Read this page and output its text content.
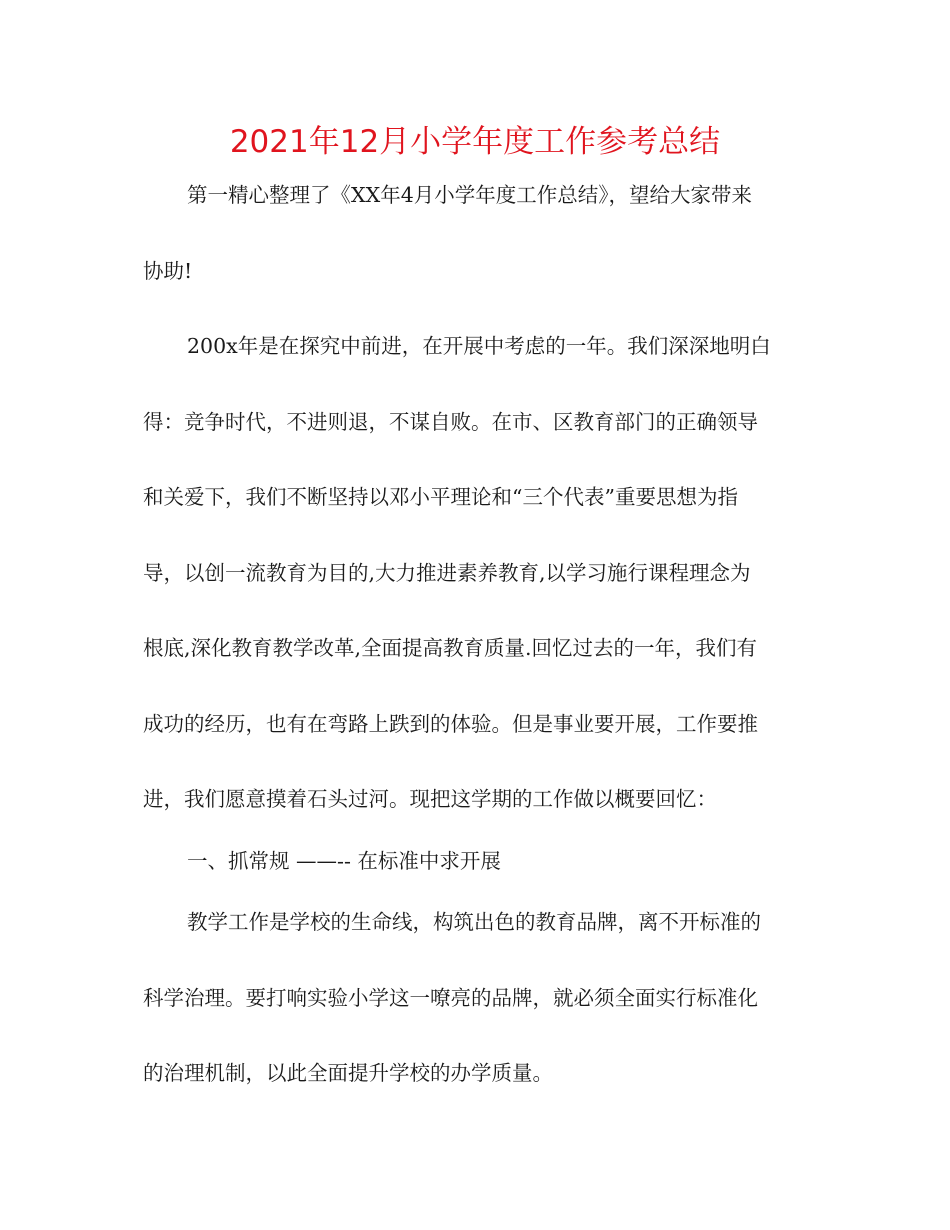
2021年12月小学年度工作参考总结
第一精心整理了《XX年4月小学年度工作总结》，望给大家带来
协助!
200x年是在探究中前进，在开展中考虑的一年。我们深深地明白
得：竞争时代，不进则退，不谋自败。在市、区教育部门的正确领导
和关爱下，我们不断坚持以邓小平理论和“三个代表”重要思想为指
导，以创一流教育为目的,大力推进素养教育,以学习施行课程理念为
根底,深化教育教学改革,全面提高教育质量.回忆过去的一年，我们有
成功的经历，也有在弯路上跌到的体验。但是事业要开展，工作要推
进，我们愿意摸着石头过河。现把这学期的工作做以概要回忆：
一、抓常规 ——-- 在标准中求开展
教学工作是学校的生命线，构筑出色的教育品牌，离不开标准的
科学治理。要打响实验小学这一嘹亮的品牌，就必须全面实行标准化
的治理机制，以此全面提升学校的办学质量。
